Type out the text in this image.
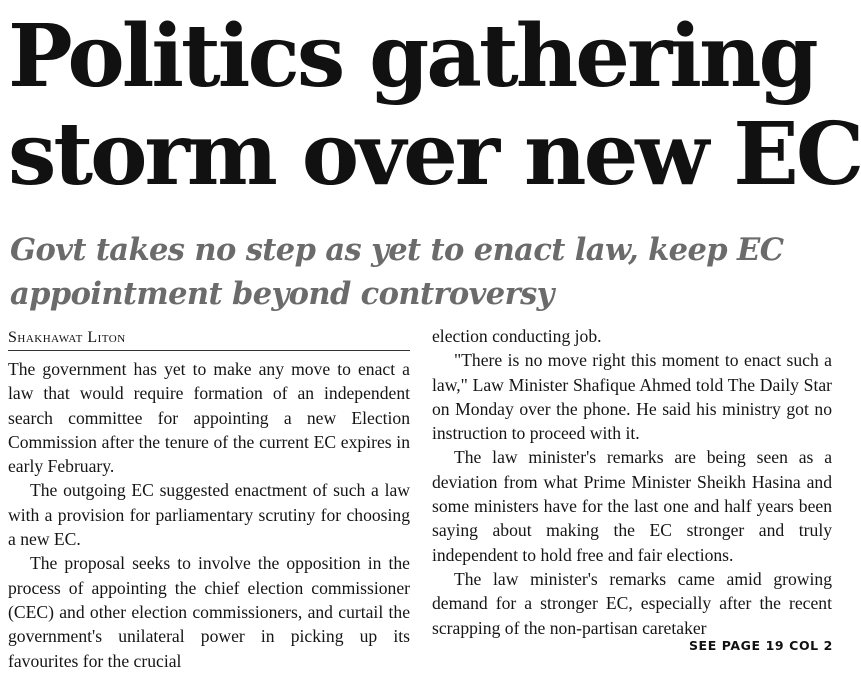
Politics gathering
storm over new EC
Govt takes no step as yet to enact law, keep EC
appointment beyond controversy
Shakhawat Liton

The government has yet to make any move to enact a law that would require formation of an independent search committee for appointing a new Election Commission after the tenure of the current EC expires in early February.

The outgoing EC suggested enactment of such a law with a provision for parliamentary scrutiny for choosing a new EC.

The proposal seeks to involve the opposition in the process of appointing the chief election commissioner (CEC) and other election commissioners, and curtail the government's unilateral power in picking up its favourites for the crucial

election conducting job.

"There is no move right this moment to enact such a law," Law Minister Shafique Ahmed told The Daily Star on Monday over the phone. He said his ministry got no instruction to proceed with it.

The law minister's remarks are being seen as a deviation from what Prime Minister Sheikh Hasina and some ministers have for the last one and half years been saying about making the EC stronger and truly independent to hold free and fair elections.

The law minister's remarks came amid growing demand for a stronger EC, especially after the recent scrapping of the non-partisan caretaker

SEE PAGE 19 COL 2
